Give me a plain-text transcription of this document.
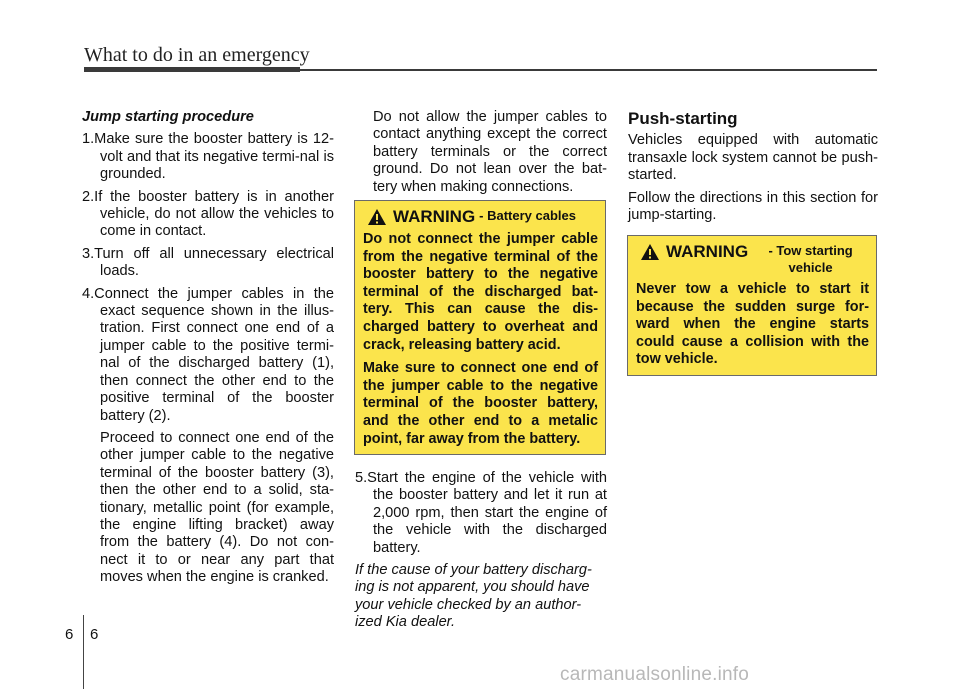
What to do in an emergency

Jump starting procedure

1.Make sure the booster battery is 12-volt and that its negative termi-nal is grounded.

2.If the booster battery is in another vehicle, do not allow the vehicles to come in contact.

3.Turn off all unnecessary electrical loads.

4.Connect the jumper cables in the exact sequence shown in the illus-tration. First connect one end of a jumper cable to the positive termi-nal of the discharged battery (1), then connect the other end to the positive terminal of the booster battery (2).

Proceed to connect one end of the other jumper cable to the negative terminal of the booster battery (3), then the other end to a solid, sta-tionary, metallic point (for example, the engine lifting bracket) away from the battery (4). Do not con-nect it to or near any part that moves when the engine is cranked.

Do not allow the jumper cables to contact anything except the correct battery terminals or the correct ground. Do not lean over the bat-tery when making connections.

WARNING - Battery cables

Do not connect the jumper cable from the negative terminal of the booster battery to the negative terminal of the discharged bat-tery. This can cause the dis-charged battery to overheat and crack, releasing battery acid.

Make sure to connect one end of the jumper cable to the negative terminal of the booster battery, and the other end to a metalic point, far away from the battery.

5.Start the engine of the vehicle with the booster battery and let it run at 2,000 rpm, then start the engine of the vehicle with the discharged battery.

If the cause of your battery discharg-ing is not apparent, you should have your vehicle checked by an author-ized Kia dealer.

Push-starting

Vehicles equipped with automatic transaxle lock system cannot be push-started.

Follow the directions in this section for jump-starting.

WARNING	- Tow starting vehicle

Never tow a vehicle to start it because the sudden surge for-ward when the engine starts could cause a collision with the tow vehicle.

6 6
carmanualsonline.info
